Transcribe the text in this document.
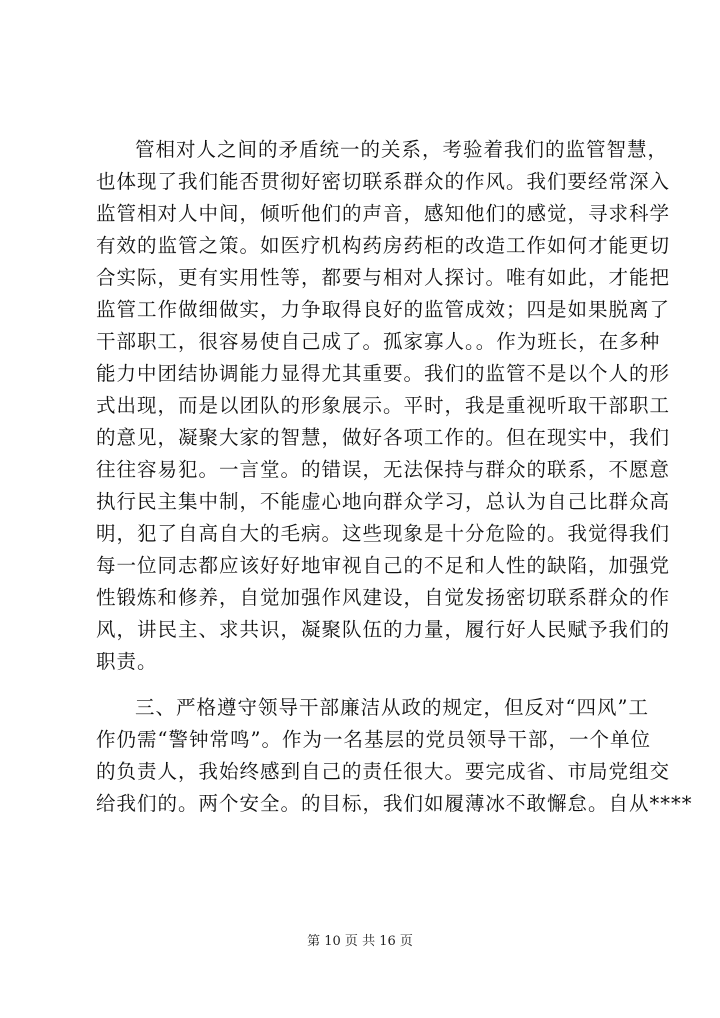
管相对人之间的矛盾统一的关系，考验着我们的监管智慧，
也体现了我们能否贯彻好密切联系群众的作风。我们要经常深入
监管相对人中间，倾听他们的声音，感知他们的感觉，寻求科学
有效的监管之策。如医疗机构药房药柜的改造工作如何才能更切
合实际，更有实用性等，都要与相对人探讨。唯有如此，才能把
监管工作做细做实，力争取得良好的监管成效；四是如果脱离了
干部职工，很容易使自己成了。孤家寡人。。作为班长，在多种
能力中团结协调能力显得尤其重要。我们的监管不是以个人的形
式出现，而是以团队的形象展示。平时，我是重视听取干部职工
的意见，凝聚大家的智慧，做好各项工作的。但在现实中，我们
往往容易犯。一言堂。的错误，无法保持与群众的联系，不愿意
执行民主集中制，不能虚心地向群众学习，总认为自己比群众高
明，犯了自高自大的毛病。这些现象是十分危险的。我觉得我们
每一位同志都应该好好地审视自己的不足和人性的缺陷，加强党
性锻炼和修养，自觉加强作风建设，自觉发扬密切联系群众的作
风，讲民主、求共识，凝聚队伍的力量，履行好人民赋予我们的
职责。
三、严格遵守领导干部廉洁从政的规定，但反对“四风”工
作仍需“警钟常鸣”。作为一名基层的党员领导干部，一个单位
的负责人，我始终感到自己的责任很大。要完成省、市局党组交
给我们的。两个安全。的目标，我们如履薄冰不敢懈怠。自从****
第 10 页 共 16 页
